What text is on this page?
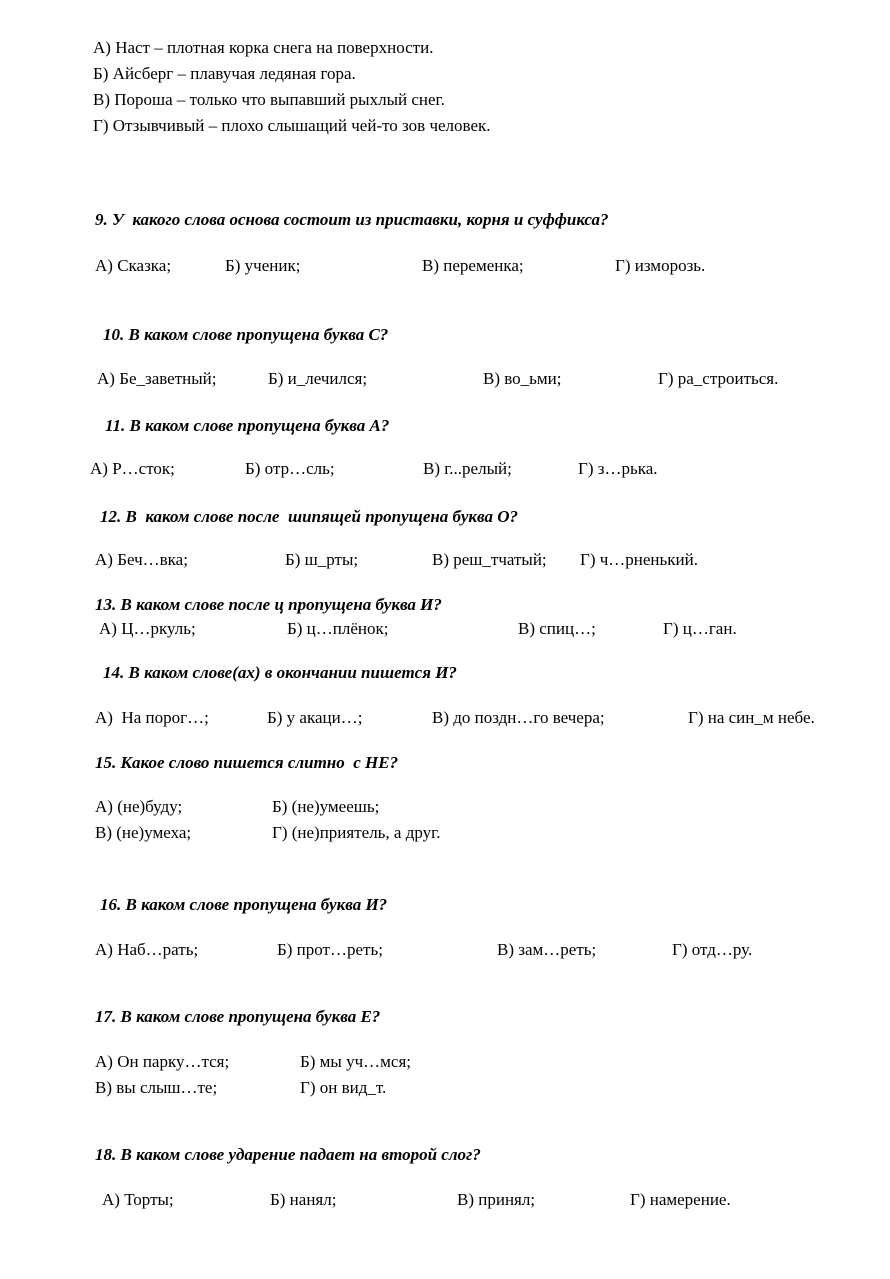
А) Наст – плотная корка снега на поверхности.
Б) Айсберг – плавучая ледяная гора.
В) Пороша – только что выпавший рыхлый снег.
Г) Отзывчивый – плохо слышащий чей-то зов человек.
9. У  какого слова основа состоит из приставки, корня и суффикса?
А) Сказка;	Б) ученик;	В) переменка;	Г) изморозь.
10. В каком слове пропущена буква С?
А) Бе_заветный;	Б) и_лечился;	В) во_ьми;	Г) ра_строиться.
11. В каком слове пропущена буква А?
А) Р…сток;	Б) отр…сль;	В) г...релый;	Г) з…рька.
12. В  каком слове после  шипящей пропущена буква О?
А) Беч…вка;	Б) ш_рты;	В) реш_тчатый; Г) ч…рненький.
13. В каком слове после ц пропущена буква И?
А) Ц…ркуль;	Б) ц…плёнок;	В) спиц…;	Г) ц…ган.
14. В каком слове(ах) в окончании пишется И?
А)  На порог…;	Б) у акаци…;	В) до поздн…го вечера;	Г) на син_м небе.
15. Какое слово пишется слитно  с НЕ?
А) (не)буду;	Б) (не)умеешь;
В) (не)умеха;	Г) (не)приятель, а друг.
16. В каком слове пропущена буква И?
А) Наб…рать;	Б) прот…реть;	В) зам…реть;	Г) отд…ру.
17. В каком слове пропущена буква Е?
А) Он парку…тся;	Б) мы уч…мся;
В) вы слыш…те;	Г) он вид_т.
18. В каком слове ударение падает на второй слог?
А) Торты;	Б) нанял;	В) принял;	Г) намерение.
